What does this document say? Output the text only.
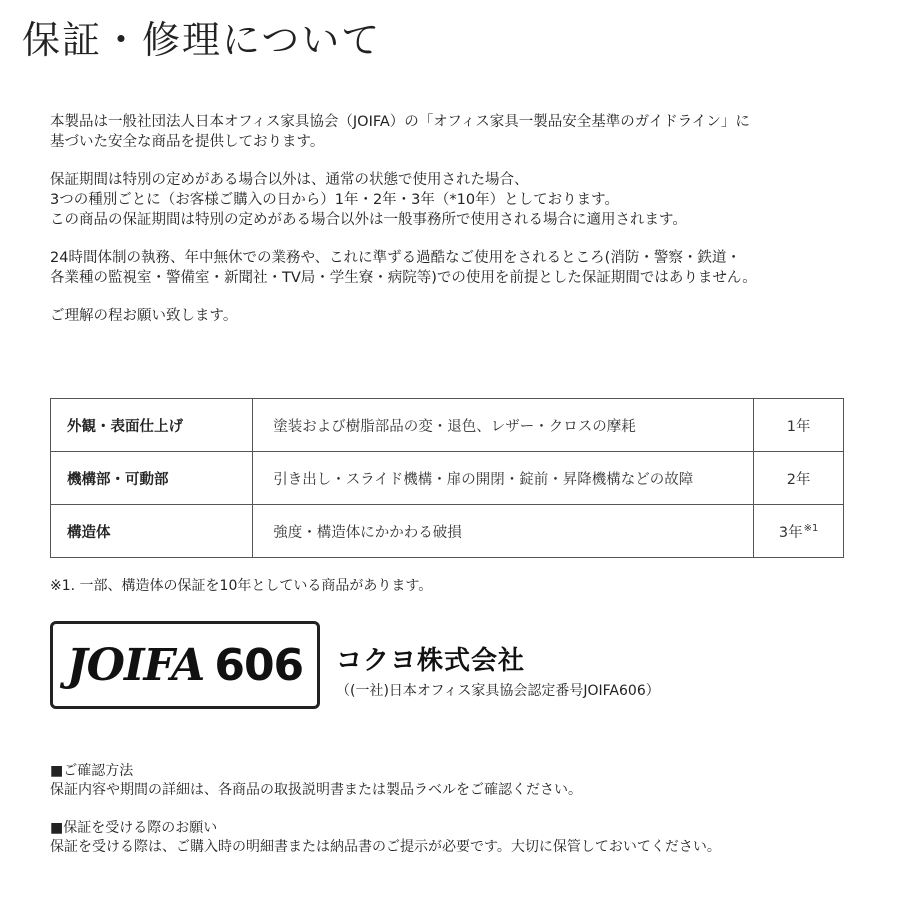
保証・修理について

本製品は一般社団法人日本オフィス家具協会（JOIFA）の「オフィス家具一製品安全基準のガイドライン」に
基づいた安全な商品を提供しております。

保証期間は特別の定めがある場合以外は、通常の状態で使用された場合、
3つの種別ごとに（お客様ご購入の日から）1年・2年・3年（*10年）としております。
この商品の保証期間は特別の定めがある場合以外は一般事務所で使用される場合に適用されます。

24時間体制の執務、年中無休での業務や、これに準ずる過酷なご使用をされるところ(消防・警察・鉄道・
各業種の監視室・警備室・新聞社・TV局・学生寮・病院等)での使用を前提とした保証期間ではありません。

ご理解の程お願い致します。

外観・表面仕上げ	塗装および樹脂部品の変・退色、レザー・クロスの摩耗	1年
機構部・可動部	引き出し・スライド機構・扉の開閉・錠前・昇降機構などの故障	2年
構造体	強度・構造体にかかわる破損	3年$^{※1}$
※1. 一部、構造体の保証を10年としている商品があります。
JOIFA 606 コクヨ株式会社
（(一社)日本オフィス家具協会認定番号JOIFA606）

■ご確認方法
保証内容や期間の詳細は、各商品の取扱説明書または製品ラベルをご確認ください。

■保証を受ける際のお願い
保証を受ける際は、ご購入時の明細書または納品書のご提示が必要です。大切に保管しておいてください。
